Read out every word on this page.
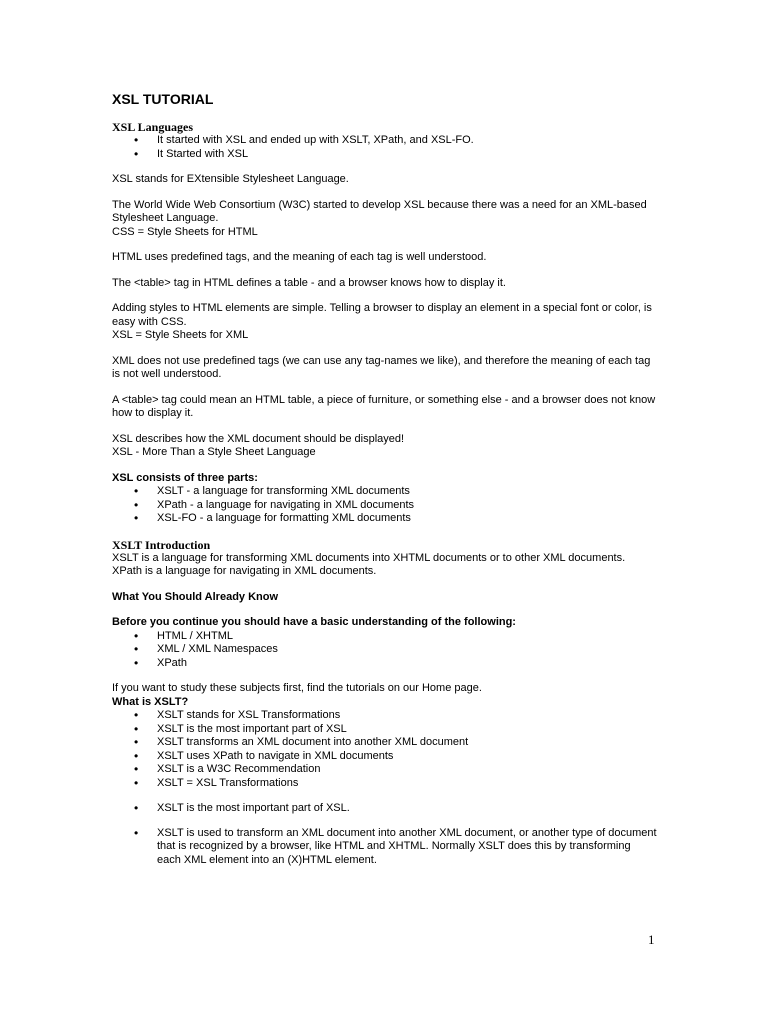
XSL TUTORIAL
XSL Languages
• It started with XSL and ended up with XSLT, XPath, and XSL-FO.
• It Started with XSL

XSL stands for EXtensible Stylesheet Language.

The World Wide Web Consortium (W3C) started to develop XSL because there was a need for an XML-based Stylesheet Language.

CSS = Style Sheets for HTML

HTML uses predefined tags, and the meaning of each tag is well understood.

The <table> tag in HTML defines a table - and a browser knows how to display it.

Adding styles to HTML elements are simple. Telling a browser to display an element in a special font or color, is easy with CSS.

XSL = Style Sheets for XML

XML does not use predefined tags (we can use any tag-names we like), and therefore the meaning of each tag is not well understood.

A <table> tag could mean an HTML table, a piece of furniture, or something else - and a browser does not know how to display it.

XSL describes how the XML document should be displayed!

XSL - More Than a Style Sheet Language

XSL consists of three parts:

• XSLT - a language for transforming XML documents
• XPath - a language for navigating in XML documents
• XSL-FO - a language for formatting XML documents
XSLT Introduction

XSLT is a language for transforming XML documents into XHTML documents or to other XML documents.

XPath is a language for navigating in XML documents.

What You Should Already Know

Before you continue you should have a basic understanding of the following:

• HTML / XHTML
• XML / XML Namespaces
• XPath

If you want to study these subjects first, find the tutorials on our Home page.

What is XSLT?

• XSLT stands for XSL Transformations
• XSLT is the most important part of XSL
• XSLT transforms an XML document into another XML document
• XSLT uses XPath to navigate in XML documents
• XSLT is a W3C Recommendation
• XSLT = XSL Transformations
• XSLT is the most important part of XSL.
• XSLT is used to transform an XML document into another XML document, or another type of document that is recognized by a browser, like HTML and XHTML. Normally XSLT does this by transforming each XML element into an (X)HTML element.
1
